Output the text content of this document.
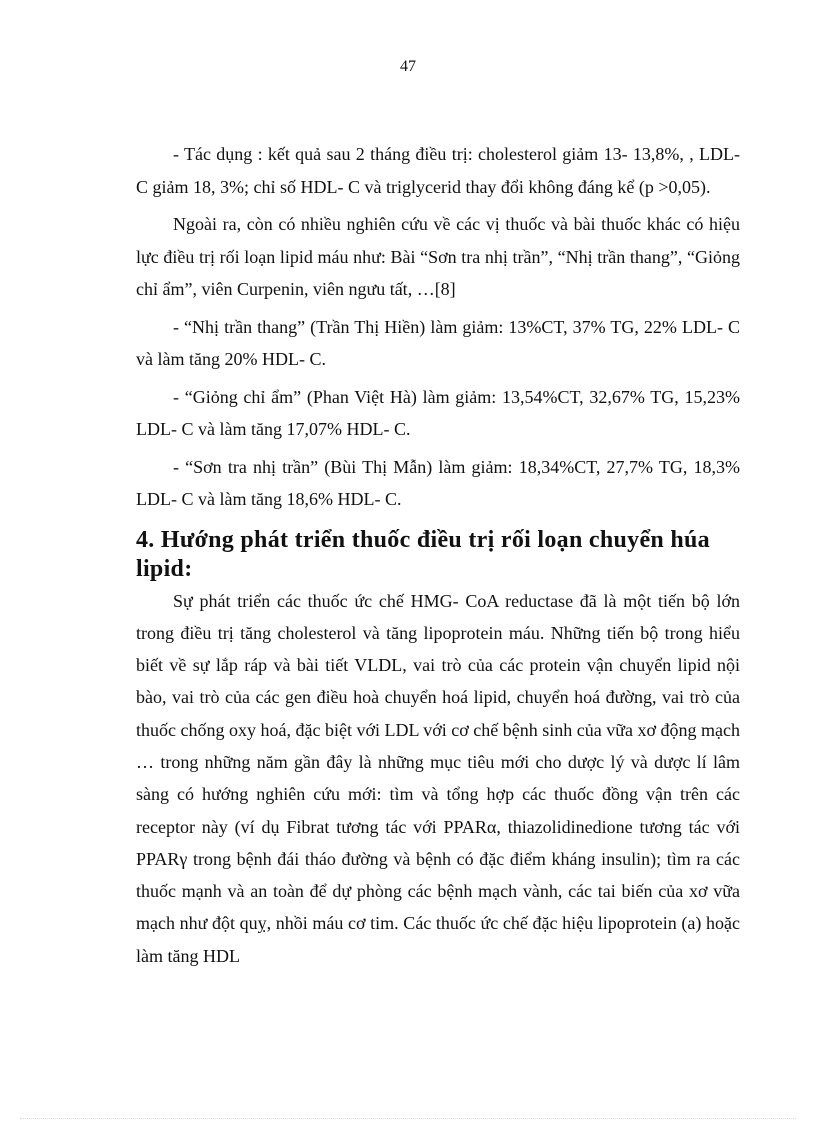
47

- Tác dụng : kết quả sau 2 tháng điều trị: cholesterol giảm 13- 13,8%, , LDL- C giảm 18, 3%; chỉ số HDL- C và triglycerid thay đổi không đáng kể (p >0,05).

Ngoài ra, còn có nhiều nghiên cứu về các vị thuốc và bài thuốc khác có hiệu lực điều trị rối loạn lipid máu như: Bài “Sơn tra nhị trần”, “Nhị trần thang”, “Giỏng chỉ ẩm”, viên Curpenin, viên ngưu tất, …[8]

- “Nhị trần thang” (Trần Thị Hiền) làm giảm: 13%CT, 37% TG, 22% LDL- C và làm tăng 20% HDL- C.

- “Giỏng chỉ ẩm” (Phan Việt Hà) làm giảm: 13,54%CT, 32,67% TG, 15,23% LDL- C và làm tăng 17,07% HDL- C.

- “Sơn tra nhị trần” (Bùi Thị Mẫn) làm giảm: 18,34%CT, 27,7% TG, 18,3% LDL- C và làm tăng 18,6% HDL- C.

4. Hướng phát triển thuốc điều trị rối loạn chuyển húa lipid:

Sự phát triển các thuốc ức chế HMG- CoA reductase đã là một tiến bộ lớn trong điều trị tăng cholesterol và tăng lipoprotein máu. Những tiến bộ trong hiểu biết về sự lắp ráp và bài tiết VLDL, vai trò của các protein vận chuyển lipid nội bào, vai trò của các gen điều hoà chuyển hoá lipid, chuyển hoá đường, vai trò của thuốc chống oxy hoá, đặc biệt với LDL với cơ chế bệnh sinh của vữa xơ động mạch … trong những năm gần đây là những mục tiêu mới cho dược lý và dược lí lâm sàng có hướng nghiên cứu mới: tìm và tổng hợp các thuốc đồng vận trên các receptor này (ví dụ Fibrat tương tác với PPARα, thiazolidinedione tương tác với PPARγ trong bệnh đái tháo đường và bệnh có đặc điểm kháng insulin); tìm ra các thuốc mạnh và an toàn để dự phòng các bệnh mạch vành, các tai biến của xơ vữa mạch như đột quỵ, nhồi máu cơ tim. Các thuốc ức chế đặc hiệu lipoprotein (a) hoặc làm tăng HDL
